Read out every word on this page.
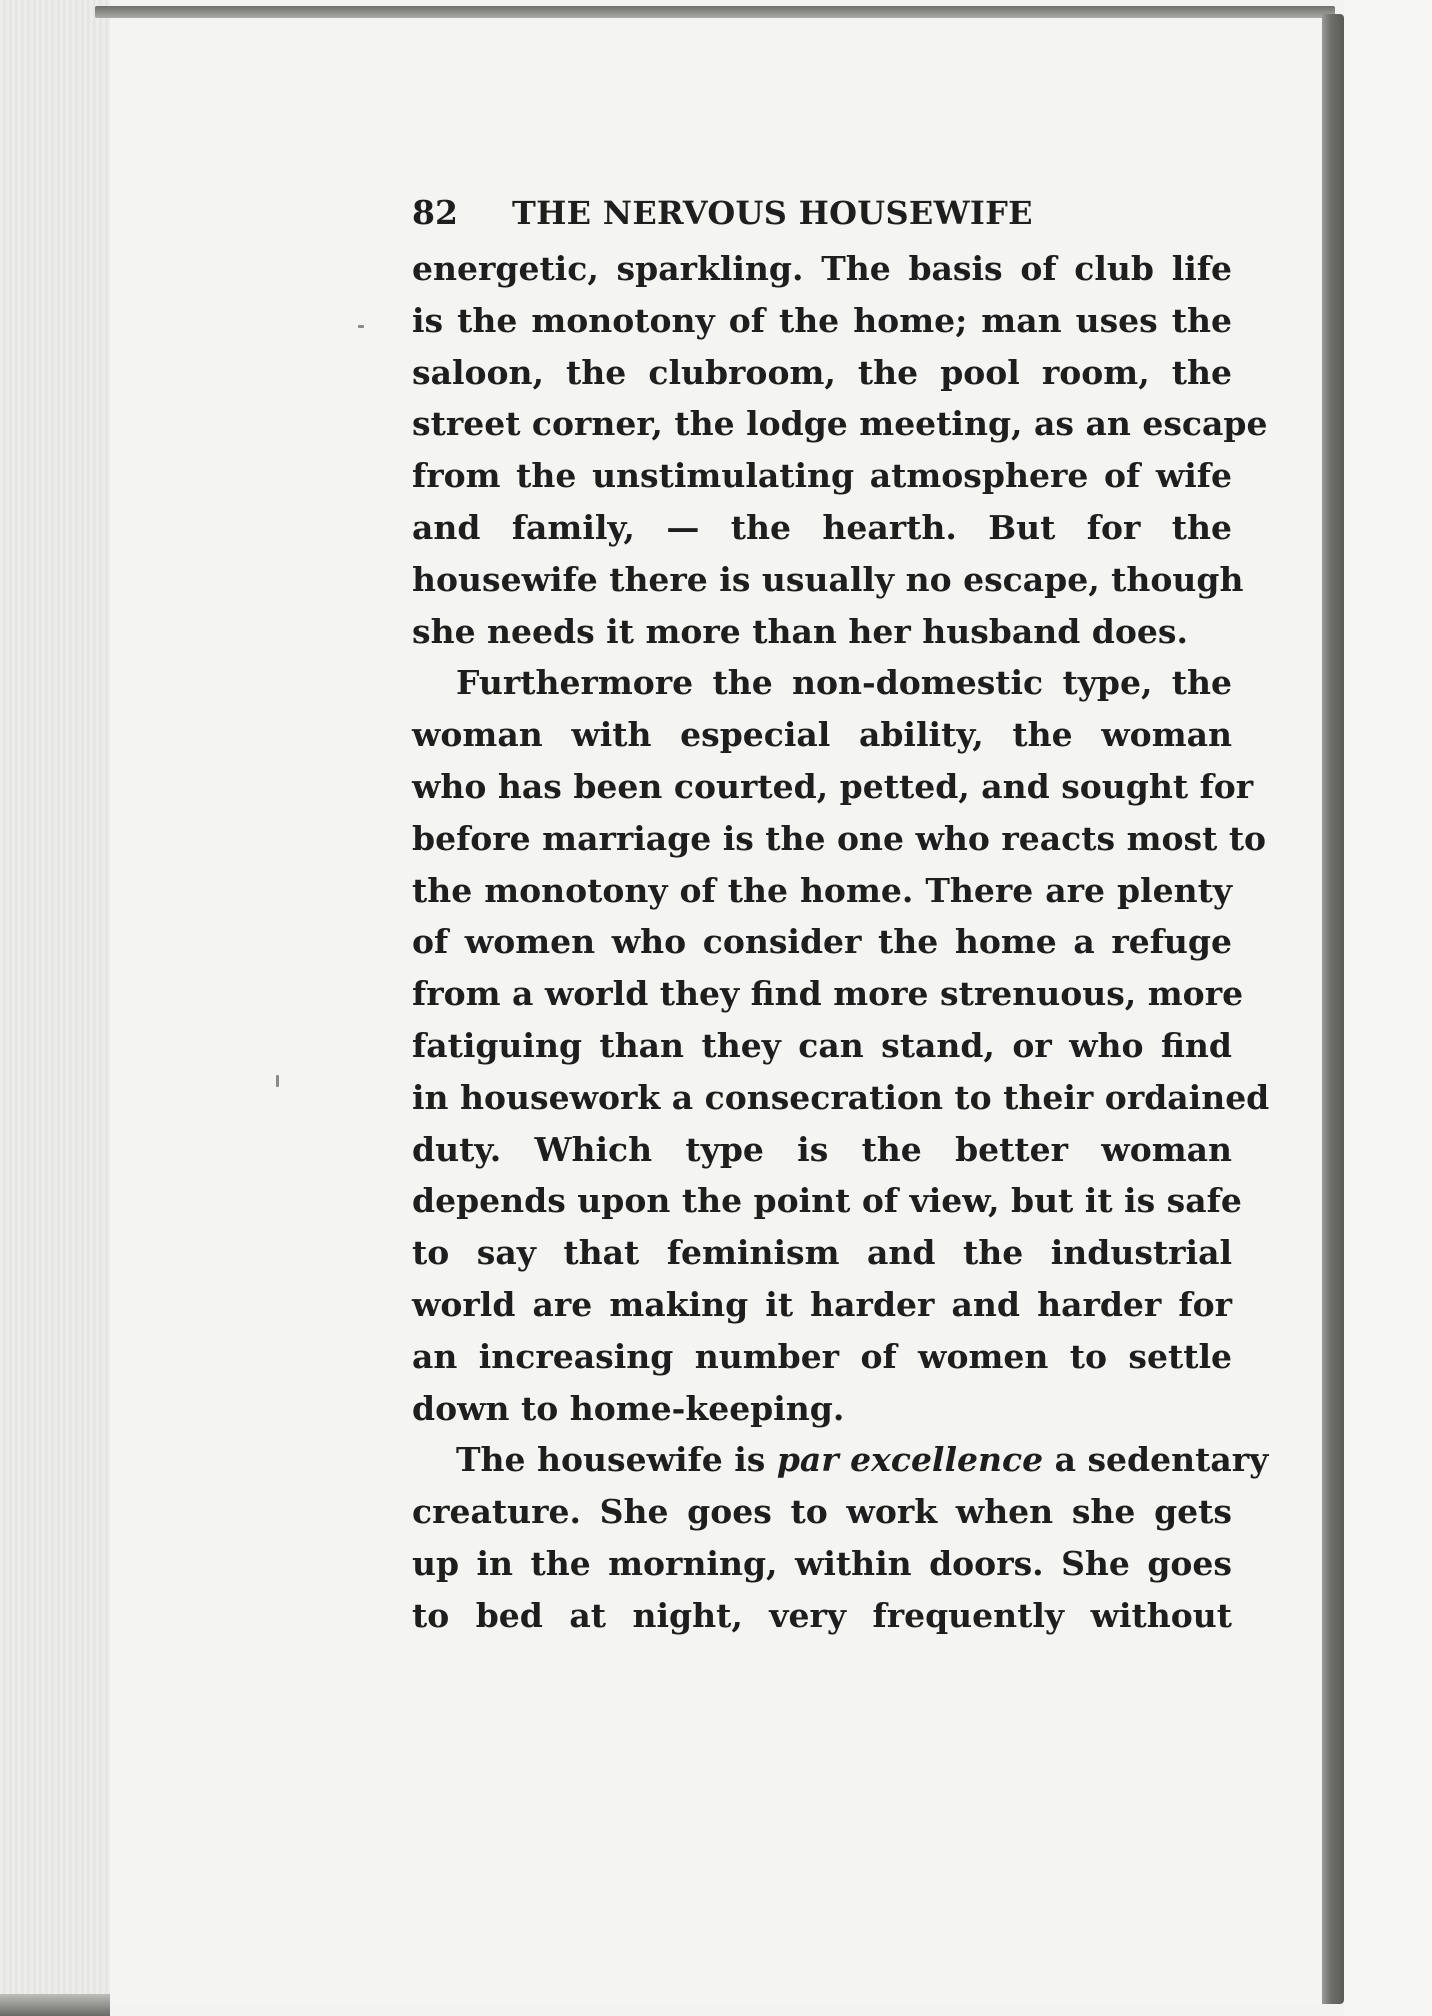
82	THE NERVOUS HOUSEWIFE

energetic, sparkling. The basis of club life
is the monotony of the home; man uses the
saloon, the clubroom, the pool room, the
street corner, the lodge meeting, as an escape
from the unstimulating atmosphere of wife
and family, — the hearth. But for the
housewife there is usually no escape, though
she needs it more than her husband does.

Furthermore the non-domestic type, the
woman with especial ability, the woman
who has been courted, petted, and sought for
before marriage is the one who reacts most to
the monotony of the home. There are plenty
of women who consider the home a refuge
from a world they find more strenuous, more
fatiguing than they can stand, or who find
in housework a consecration to their ordained
duty. Which type is the better woman
depends upon the point of view, but it is safe
to say that feminism and the industrial
world are making it harder and harder for
an increasing number of women to settle
down to home-keeping.

The housewife is par excellence a sedentary
creature. She goes to work when she gets
up in the morning, within doors. She goes
to bed at night, very frequently without
